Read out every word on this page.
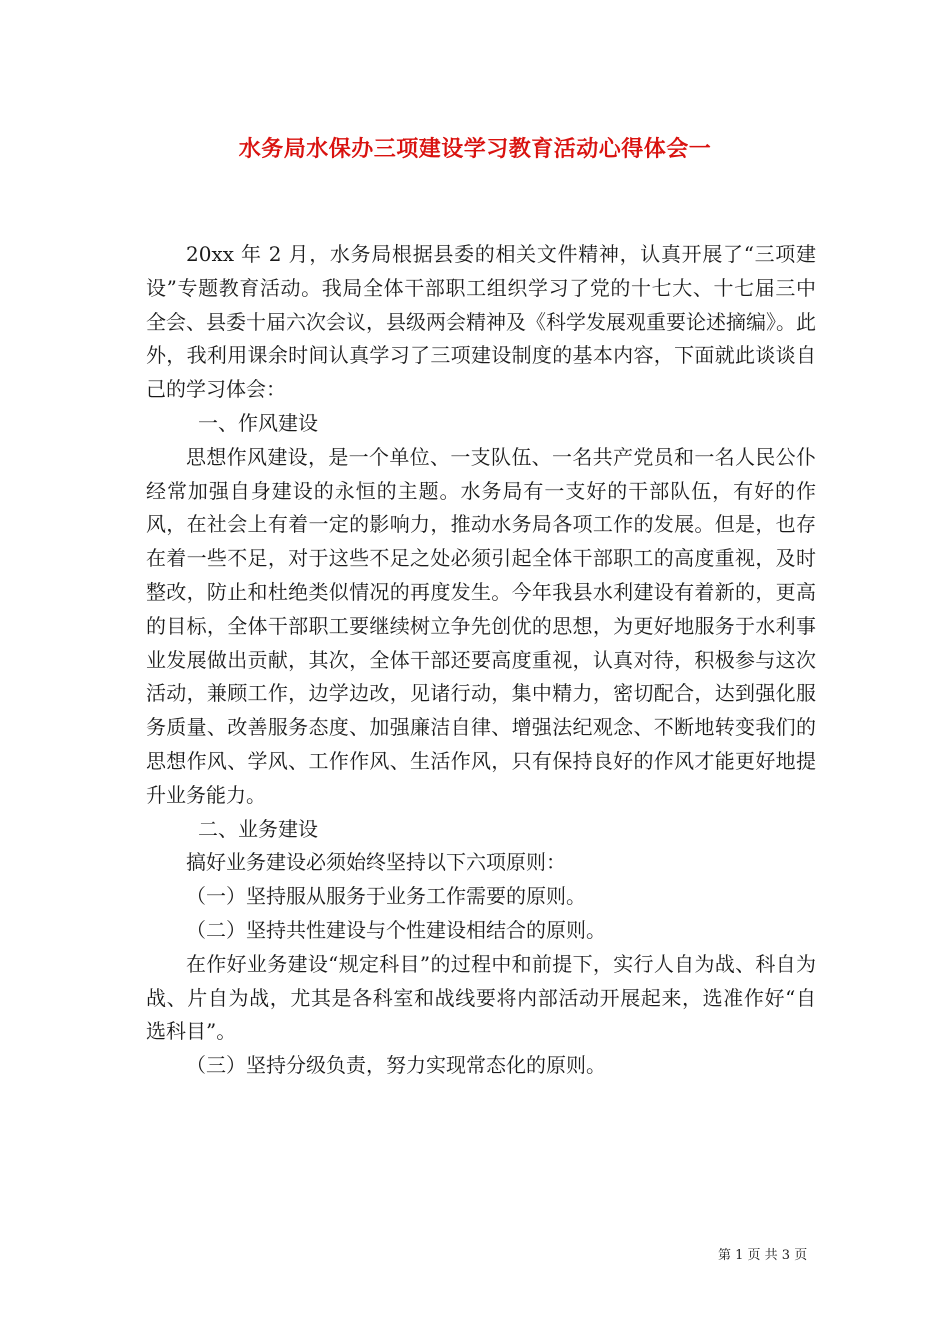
水务局水保办三项建设学习教育活动心得体会一

20xx 年 2 月，水务局根据县委的相关文件精神，认真开展了“三项建设”专题教育活动。我局全体干部职工组织学习了党的十七大、十七届三中全会、县委十届六次会议，县级两会精神及《科学发展观重要论述摘编》。此外，我利用课余时间认真学习了三项建设制度的基本内容，下面就此谈谈自己的学习体会：

一、作风建设

思想作风建设，是一个单位、一支队伍、一名共产党员和一名人民公仆经常加强自身建设的永恒的主题。水务局有一支好的干部队伍，有好的作风，在社会上有着一定的影响力，推动水务局各项工作的发展。但是，也存在着一些不足，对于这些不足之处必须引起全体干部职工的高度重视，及时整改，防止和杜绝类似情况的再度发生。今年我县水利建设有着新的，更高的目标，全体干部职工要继续树立争先创优的思想，为更好地服务于水利事业发展做出贡献，其次，全体干部还要高度重视，认真对待，积极参与这次活动，兼顾工作，边学边改，见诸行动，集中精力，密切配合，达到强化服务质量、改善服务态度、加强廉洁自律、增强法纪观念、不断地转变我们的思想作风、学风、工作作风、生活作风，只有保持良好的作风才能更好地提升业务能力。

二、业务建设

搞好业务建设必须始终坚持以下六项原则：

（一）坚持服从服务于业务工作需要的原则。

（二）坚持共性建设与个性建设相结合的原则。

在作好业务建设“规定科目”的过程中和前提下，实行人自为战、科自为战、片自为战，尤其是各科室和战线要将内部活动开展起来，选准作好“自选科目”。

（三）坚持分级负责，努力实现常态化的原则。

第 1 页 共 3 页
